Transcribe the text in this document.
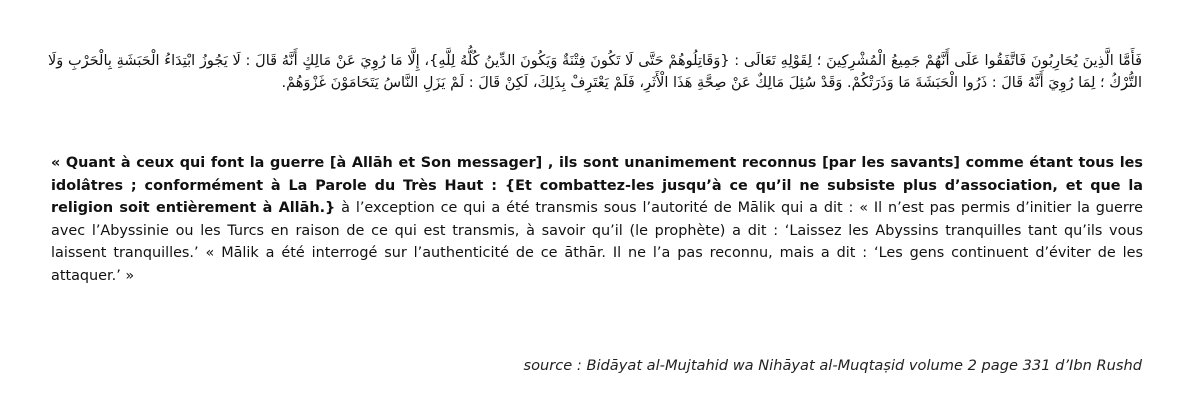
فَأَمَّا الَّذِينَ يُحَارِبُونَ فَاتَّفَقُوا عَلَى أَنَّهُمْ جَمِيعُ الْمُشْرِكِينَ ؛ لِقَوْلِهِ تَعَالَى : {وَقَاتِلُوهُمْ حَتَّى لَا تَكُونَ فِتْنَةٌ وَيَكُونَ الدِّينُ كُلُّهُ لِلَّهِ}، إِلَّا مَا رُوِيَ عَنْ مَالِكٍ أَنَّهُ قَالَ : لَا يَجُوزُ ابْتِدَاءُ الْحَبَشَةِ بِالْحَرْبِ وَلَا التُّرْكُ ؛ لِمَا رُوِيَ أَنَّهُ قَالَ : ذَرُوا الْحَبَشَةَ مَا وَذَرَتْكُمْ. وَقَدْ سُئِلَ مَالِكٌ عَنْ صِحَّةِ هَذَا الْأَثَرِ، فَلَمْ يَعْتَرِفْ بِذَلِكَ، لَكِنْ قَالَ : لَمْ يَزَلِ النَّاسُ يَتَحَامَوْنَ غَزْوَهُمْ.

« Quant à ceux qui font la guerre [à Allāh et Son messager] , ils sont unanimement reconnus [par les savants] comme étant tous les idolâtres ; conformément à La Parole du Très Haut : {Et combattez-les jusqu’à ce qu’il ne subsiste plus d’association, et que la religion soit entièrement à Allāh.} à l’exception ce qui a été transmis sous l’autorité de Mālik qui a dit : « Il n’est pas permis d’initier la guerre avec l’Abyssinie ou les Turcs en raison de ce qui est transmis, à savoir qu’il (le prophète) a dit : ‘Laissez les Abyssins tranquilles tant qu’ils vous laissent tranquilles.’ « Mālik a été interrogé sur l’authenticité de ce āthār. Il ne l’a pas reconnu, mais a dit : ‘Les gens continuent d’éviter de les attaquer.’ »

source : Bidāyat al-Mujtahid wa Nihāyat al-Muqtaṣid volume 2 page 331 d’Ibn Rushd
